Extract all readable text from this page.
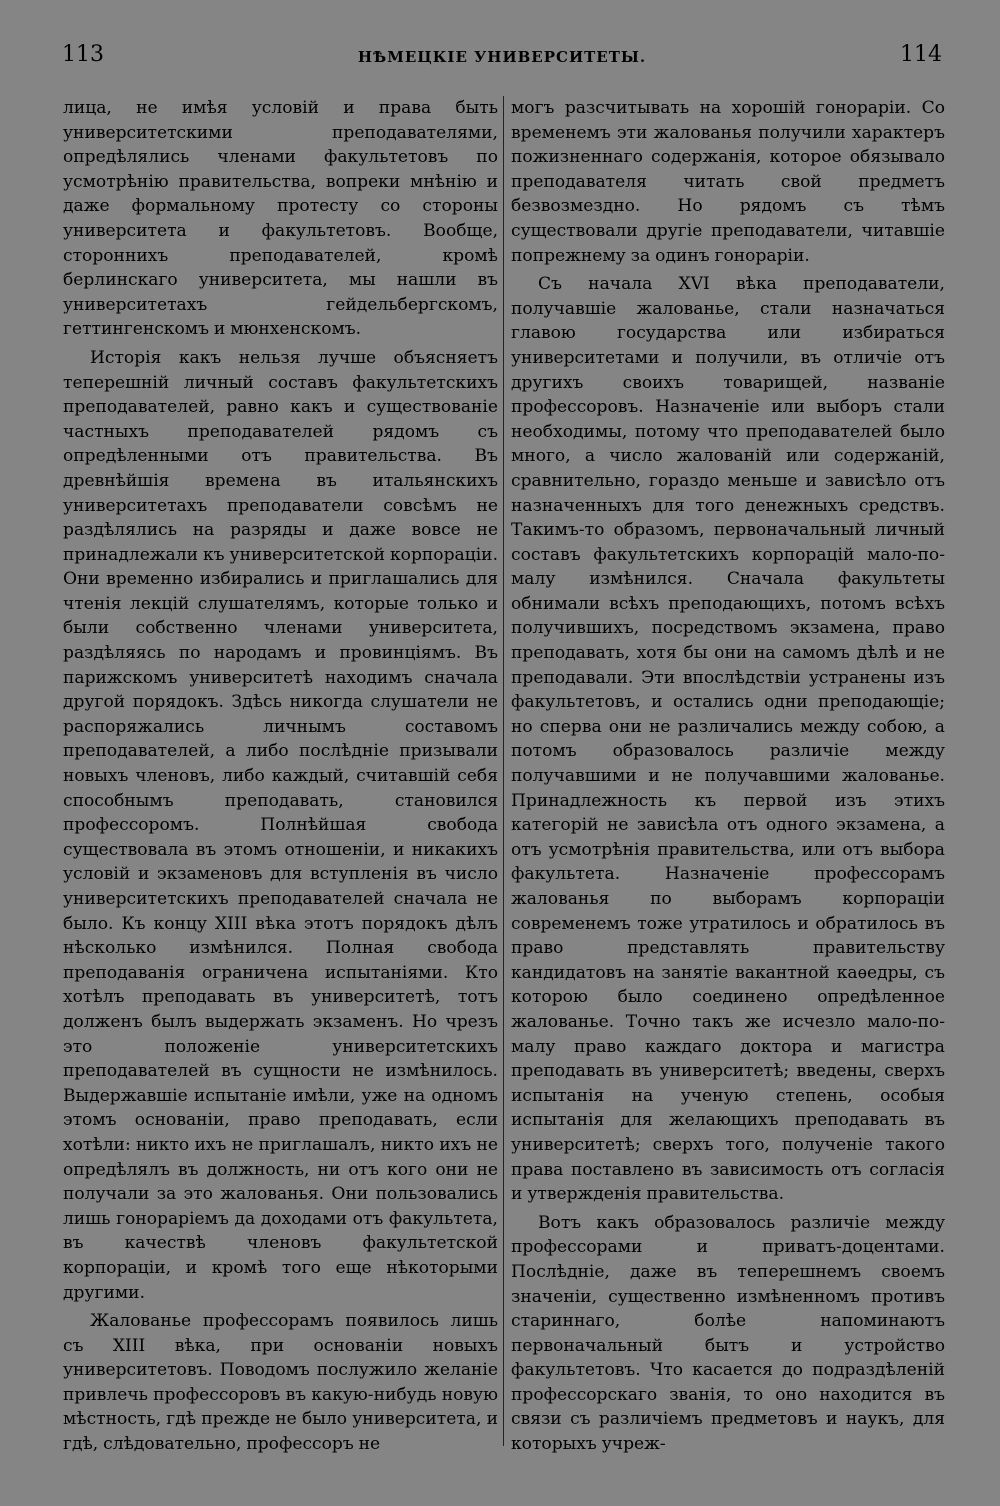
113	НѢМЕЦКІЕ УНИВЕРСИТЕТЫ.	114

лица, не имѣя условій и права быть университетскими преподавателями, опредѣлялись членами факультетовъ по усмотрѣнію правительства, вопреки мнѣнію и даже формальному протесту со стороны университета и факультетовъ. Вообще, стороннихъ преподавателей, кромѣ берлинскаго университета, мы нашли въ университетахъ гейдельбергскомъ, геттингенскомъ и мюнхенскомъ.

Исторія какъ нельзя лучше объясняетъ теперешній личный составъ факультетскихъ преподавателей, равно какъ и существованіе частныхъ преподавателей рядомъ съ опредѣленными отъ правительства. Въ древнѣйшія времена въ итальянскихъ университетахъ преподаватели совсѣмъ не раздѣлялись на разряды и даже вовсе не принадлежали къ университетской корпораціи. Они временно избирались и приглашались для чтенія лекцій слушателямъ, которые только и были собственно членами университета, раздѣляясь по народамъ и провинціямъ. Въ парижскомъ университетѣ находимъ сначала другой порядокъ. Здѣсь никогда слушатели не распоряжались личнымъ составомъ преподавателей, а либо послѣдніе призывали новыхъ членовъ, либо каждый, считавшій себя способнымъ преподавать, становился профессоромъ. Полнѣйшая свобода существовала въ этомъ отношеніи, и никакихъ условій и экзаменовъ для вступленія въ число университетскихъ преподавателей сначала не было. Къ концу XIII вѣка этотъ порядокъ дѣлъ нѣсколько измѣнился. Полная свобода преподаванія ограничена испытаніями. Кто хотѣлъ преподавать въ университетѣ, тотъ долженъ былъ выдержать экзаменъ. Но чрезъ это положеніе университетскихъ преподавателей въ сущности не измѣнилось. Выдержавшіе испытаніе имѣли, уже на одномъ этомъ основаніи, право преподавать, если хотѣли: никто ихъ не приглашалъ, никто ихъ не опредѣлялъ въ должность, ни отъ кого они не получали за это жалованья. Они пользовались лишь гонораріемъ да доходами отъ факультета, въ качествѣ членовъ факультетской корпораціи, и кромѣ того еще нѣкоторыми другими.

Жалованье профессорамъ появилось лишь съ XIII вѣка, при основаніи новыхъ университетовъ. Поводомъ послужило желаніе привлечь профессоровъ въ какую-нибудь новую мѣстность, гдѣ прежде не было университета, и гдѣ, слѣдовательно, профессоръ не

могъ разсчитывать на хорошій гонораріи. Со временемъ эти жалованья получили характеръ пожизненнаго содержанія, которое обязывало преподавателя читать свой предметъ безвозмездно. Но рядомъ съ тѣмъ существовали другіе преподаватели, читавшіе попрежнему за одинъ гонораріи.

Съ начала XVI вѣка преподаватели, получавшіе жалованье, стали назначаться главою государства или избираться университетами и получили, въ отличіе отъ другихъ своихъ товарищей, названіе профессоровъ. Назначеніе или выборъ стали необходимы, потому что преподавателей было много, а число жалованій или содержаній, сравнительно, гораздо меньше и зависѣло отъ назначенныхъ для того денежныхъ средствъ. Такимъ-то образомъ, первоначальный личный составъ факультетскихъ корпорацій мало-по-малу измѣнился. Сначала факультеты обнимали всѣхъ преподающихъ, потомъ всѣхъ получившихъ, посредствомъ экзамена, право преподавать, хотя бы они на самомъ дѣлѣ и не преподавали. Эти впослѣдствіи устранены изъ факультетовъ, и остались одни преподающіе; но сперва они не различались между собою, а потомъ образовалось различіе между получавшими и не получавшими жалованье. Принадлежность къ первой изъ этихъ категорій не зависѣла отъ одного экзамена, а отъ усмотрѣнія правительства, или отъ выбора факультета. Назначеніе профессорамъ жалованья по выборамъ корпораціи современемъ тоже утратилось и обратилось въ право представлять правительству кандидатовъ на занятіе вакантной каѳедры, съ которою было соединено опредѣленное жалованье. Точно такъ же исчезло мало-по-малу право каждаго доктора и магистра преподавать въ университетѣ; введены, сверхъ испытанія на ученую степень, особыя испытанія для желающихъ преподавать въ университетѣ; сверхъ того, полученіе такого права поставлено въ зависимость отъ согласія и утвержденія правительства.

Вотъ какъ образовалось различіе между профессорами и приватъ-доцентами. Послѣдніе, даже въ теперешнемъ своемъ значеніи, существенно измѣненномъ противъ стариннаго, болѣе напоминаютъ первоначальный бытъ и устройство факультетовъ. Что касается до подраздѣленій профессорскаго званія, то оно находится въ связи съ различіемъ предметовъ и наукъ, для которыхъ учреж-
